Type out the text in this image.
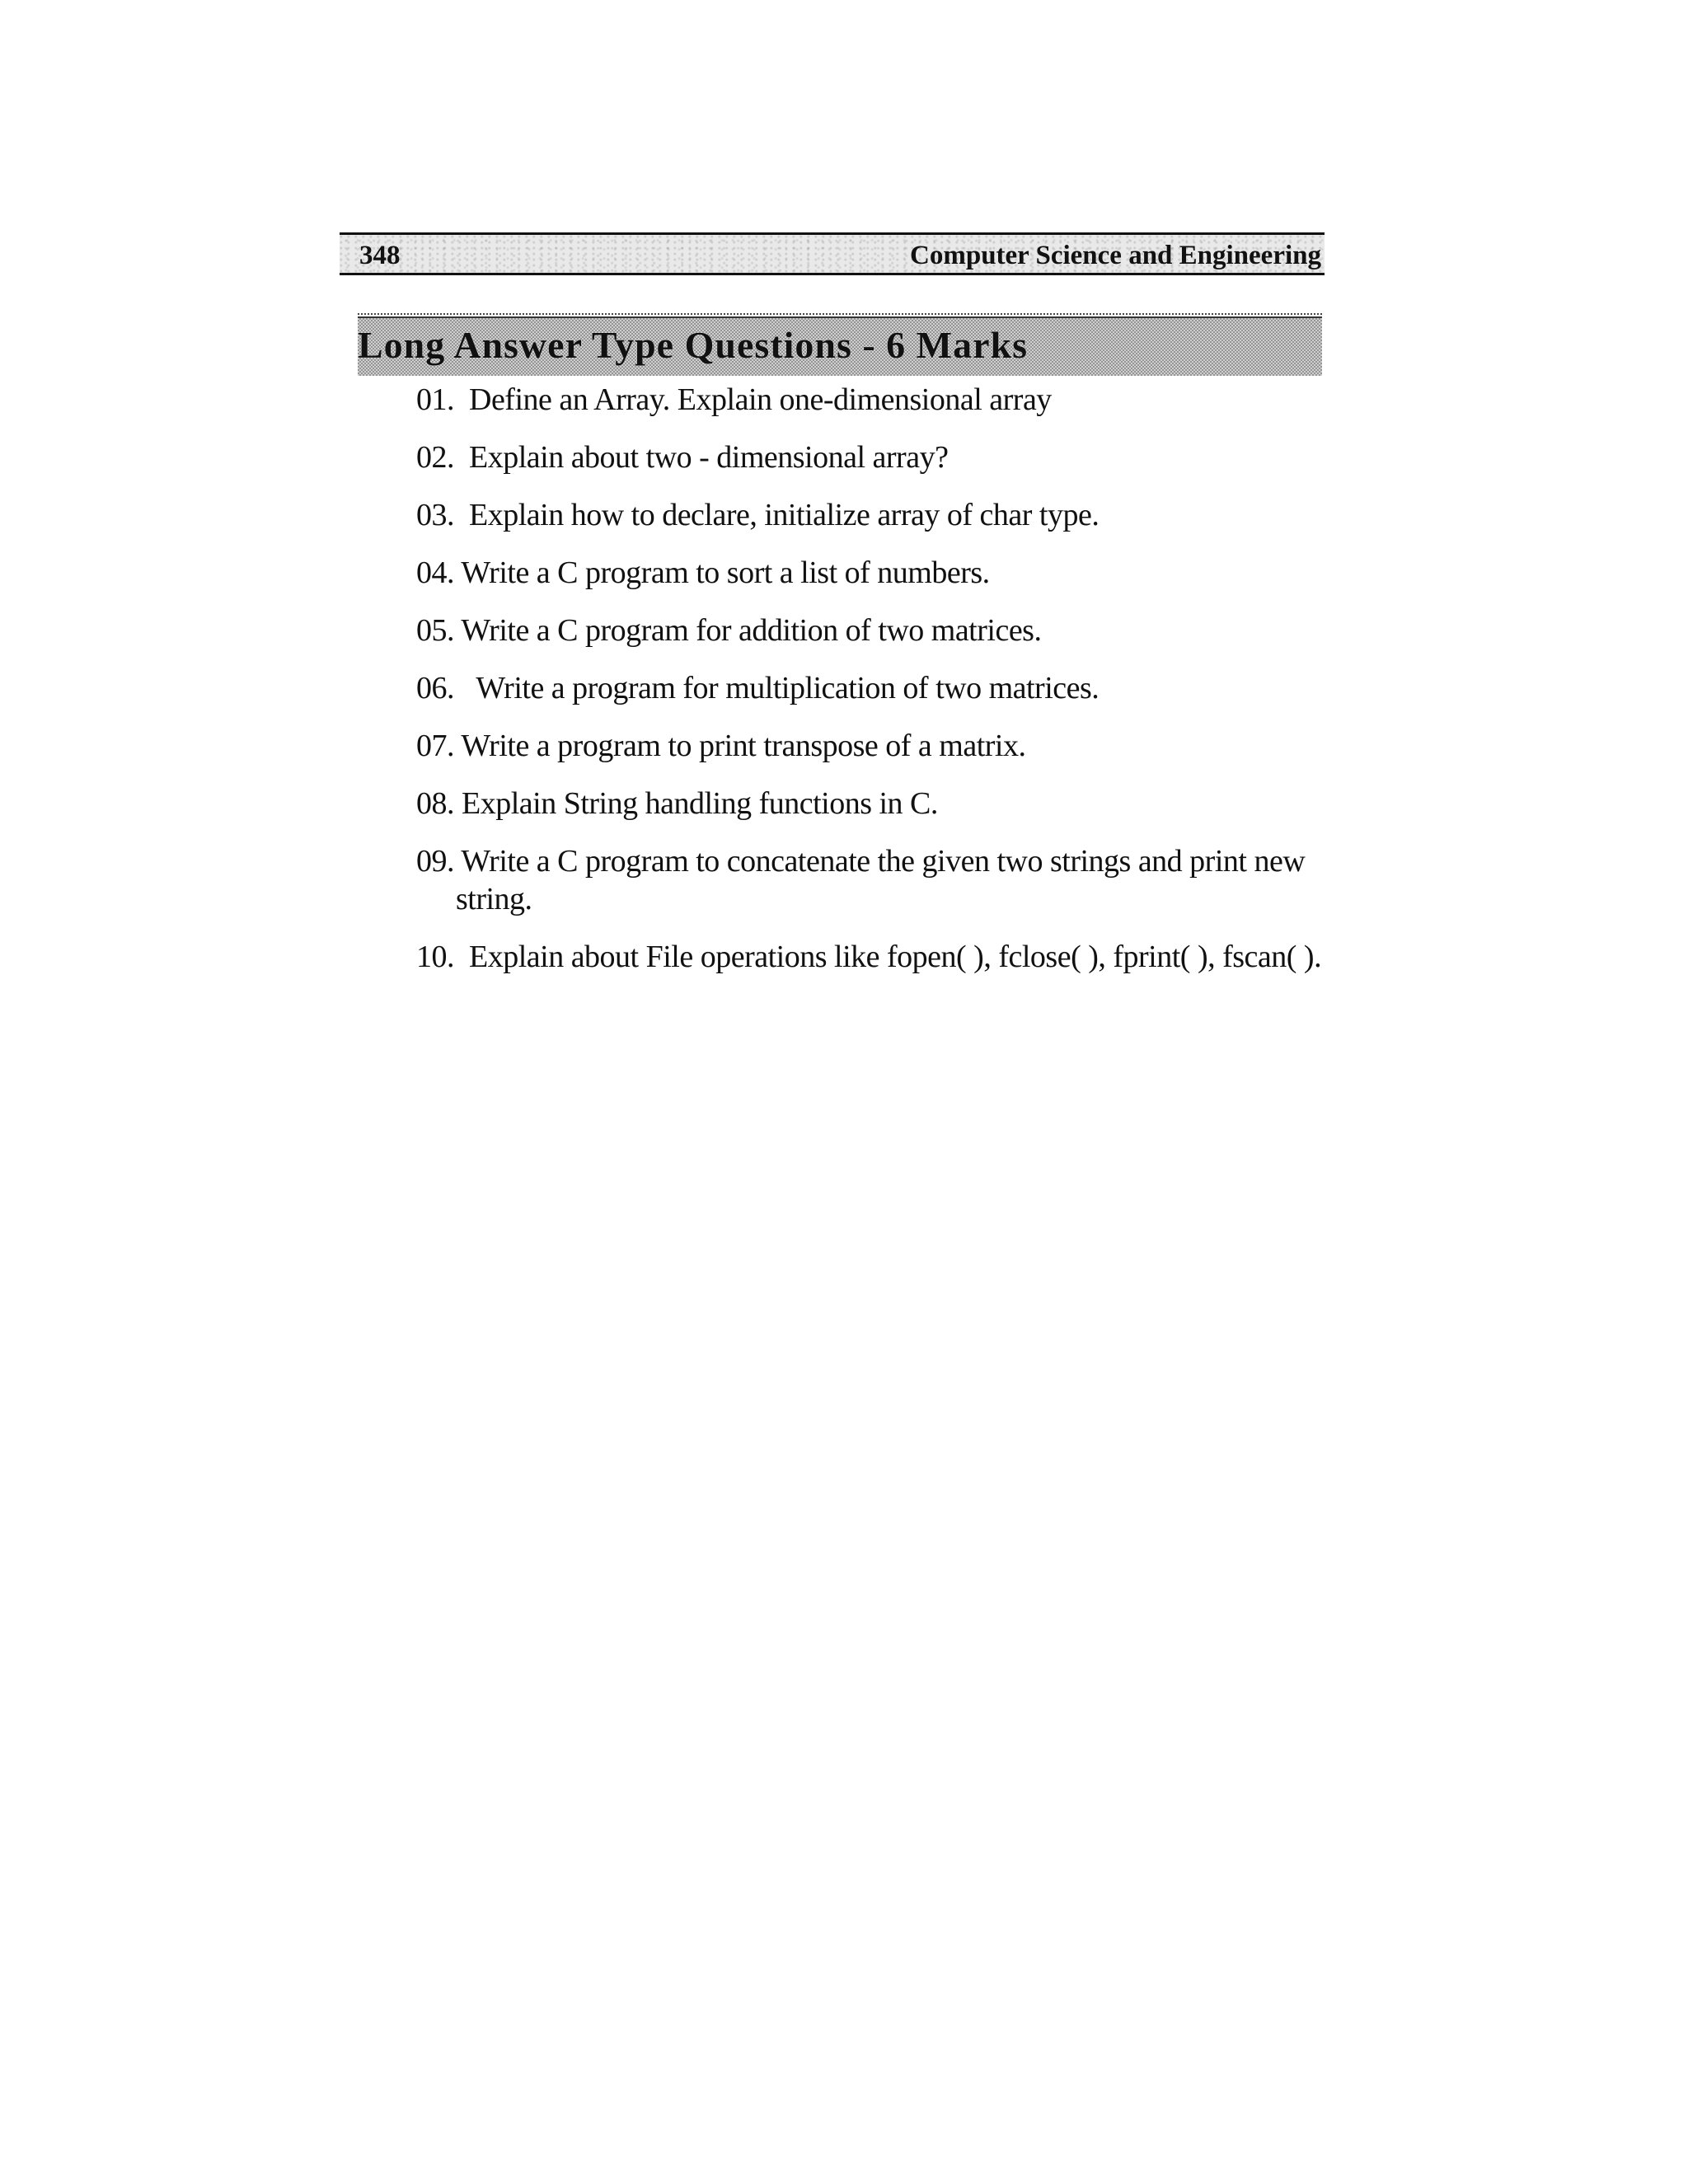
348	Computer Science and Engineering
Long Answer Type Questions - 6 Marks
01. Define an Array. Explain one-dimensional array
02. Explain about two - dimensional array?
03. Explain how to declare, initialize array of char type.
04. Write a C program to sort a list of numbers.
05. Write a C program for addition of two matrices.
06. Write a program for multiplication of two matrices.
07. Write a program to print transpose of a matrix.
08. Explain String handling functions in C.
09. Write a C program to concatenate the given two strings and print new string.
10. Explain about File operations like fopen( ), fclose( ), fprint( ), fscan( ).
